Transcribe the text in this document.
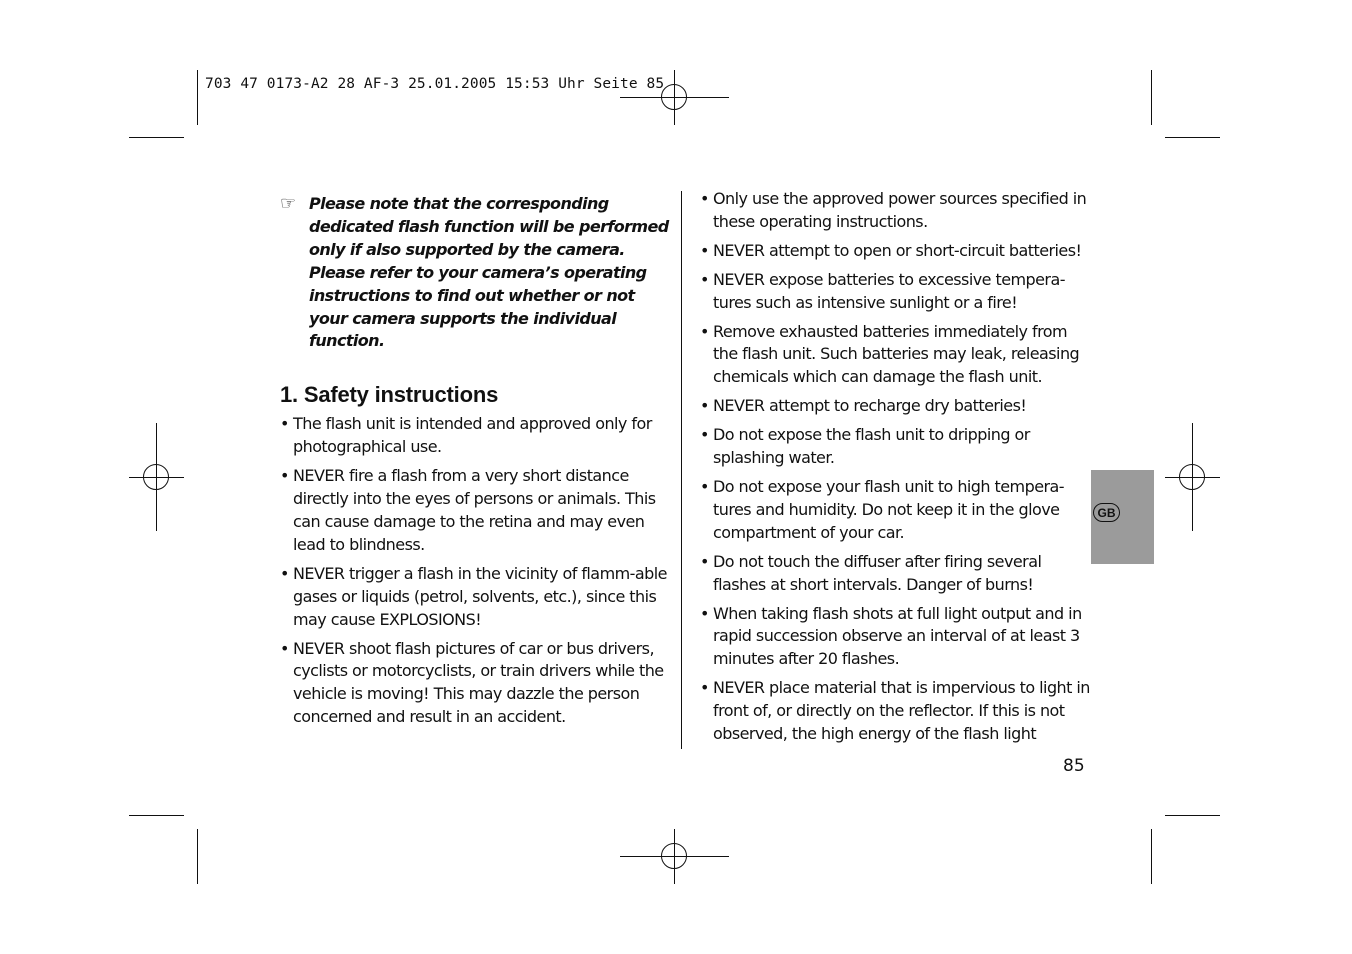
703 47 0173-A2 28 AF-3 25.01.2005 15:53 Uhr Seite 85
☞ Please note that the corresponding dedicated flash function will be performed only if also supported by the camera. Please refer to your camera’s operating instructions to find out whether or not your camera supports the individual function.
1. Safety instructions
• The flash unit is intended and approved only for photographical use.
• NEVER fire a flash from a very short distance directly into the eyes of persons or animals. This can cause damage to the retina and may even lead to blindness.
• NEVER trigger a flash in the vicinity of flamm-able gases or liquids (petrol, solvents, etc.), since this may cause EXPLOSIONS!
• NEVER shoot flash pictures of car or bus drivers, cyclists or motorcyclists, or train drivers while the vehicle is moving! This may dazzle the person concerned and result in an accident.
• Only use the approved power sources specified in these operating instructions.
• NEVER attempt to open or short-circuit batteries!
• NEVER expose batteries to excessive tempera-tures such as intensive sunlight or a fire!
• Remove exhausted batteries immediately from the flash unit. Such batteries may leak, releasing chemicals which can damage the flash unit.
• NEVER attempt to recharge dry batteries!
• Do not expose the flash unit to dripping or splashing water.
• Do not expose your flash unit to high tempera-tures and humidity. Do not keep it in the glove compartment of your car.
• Do not touch the diffuser after firing several flashes at short intervals. Danger of burns!
• When taking flash shots at full light output and in rapid succession observe an interval of at least 3 minutes after 20 flashes.
• NEVER place material that is impervious to light in front of, or directly on the reflector. If this is not observed, the high energy of the flash light
GB
85
